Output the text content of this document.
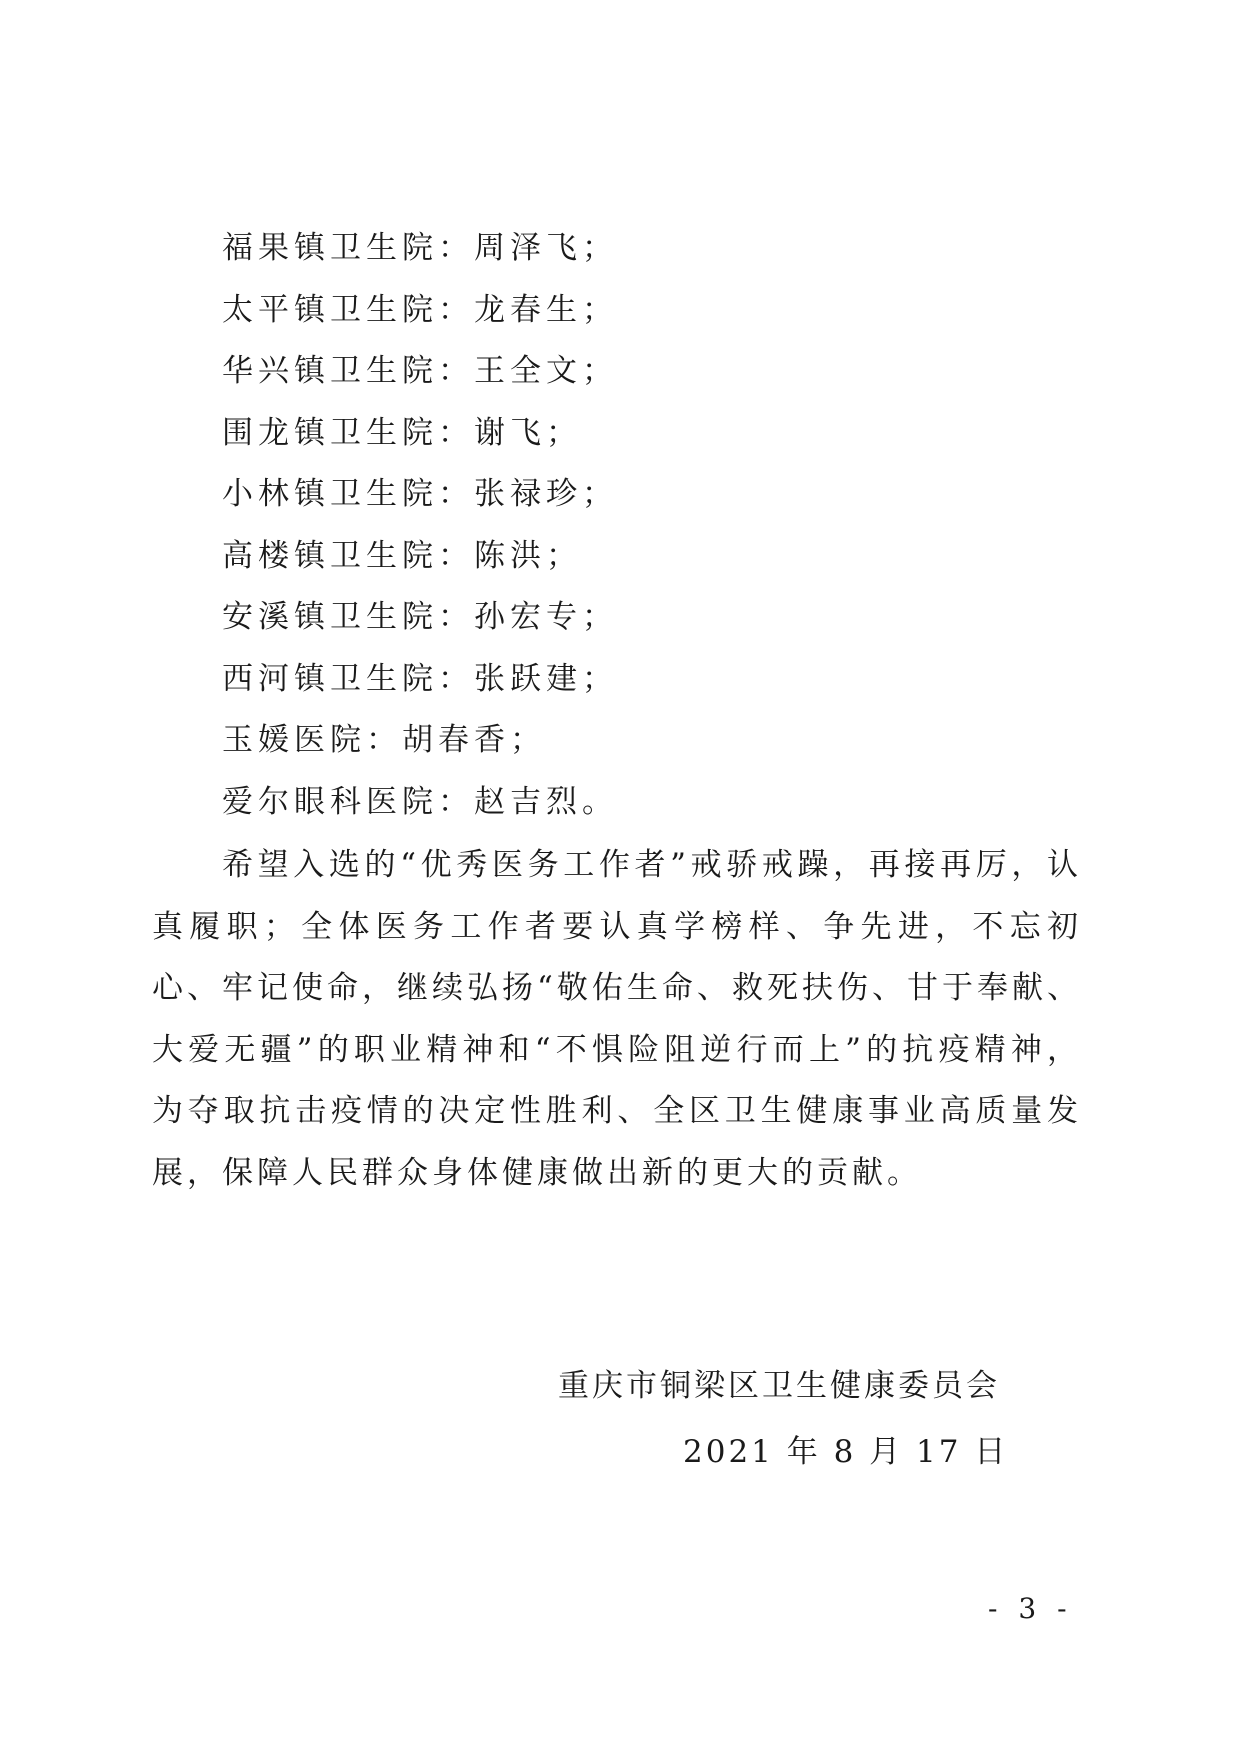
福果镇卫生院：周泽飞；
太平镇卫生院：龙春生；
华兴镇卫生院：王全文；
围龙镇卫生院：谢飞；
小林镇卫生院：张禄珍；
高楼镇卫生院：陈洪；
安溪镇卫生院：孙宏专；
西河镇卫生院：张跃建；
玉媛医院：胡春香；
爱尔眼科医院：赵吉烈。

希望入选的“优秀医务工作者”戒骄戒躁，再接再厉，认真履职；全体医务工作者要认真学榜样、争先进，不忘初心、牢记使命，继续弘扬“敬佑生命、救死扶伤、甘于奉献、大爱无疆”的职业精神和“不惧险阻逆行而上”的抗疫精神，为夺取抗击疫情的决定性胜利、全区卫生健康事业高质量发展，保障人民群众身体健康做出新的更大的贡献。

重庆市铜梁区卫生健康委员会
2021 年 8 月 17 日
- 3 -
